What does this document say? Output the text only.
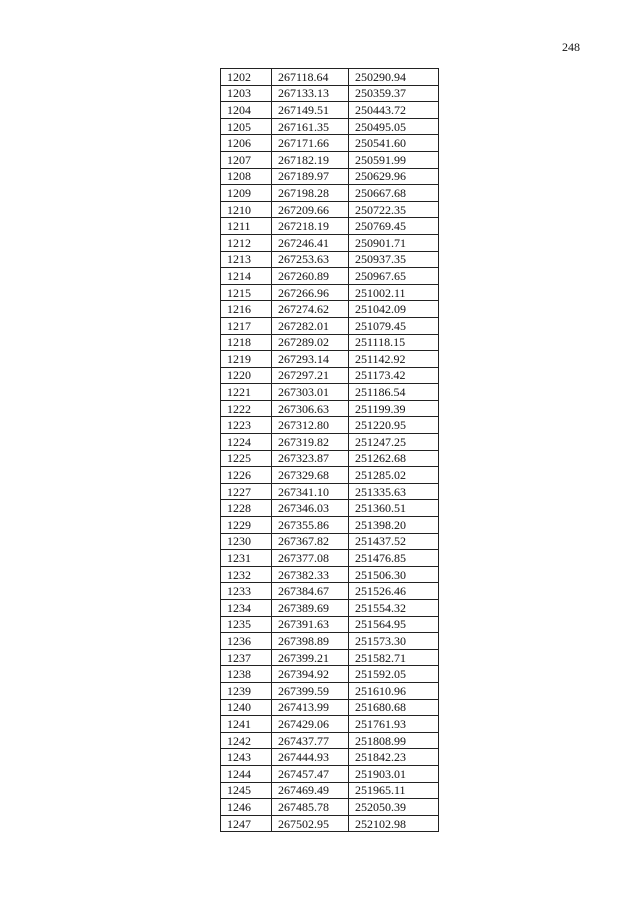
248
1202	267118.64	250290.94
1203	267133.13	250359.37
1204	267149.51	250443.72
1205	267161.35	250495.05
1206	267171.66	250541.60
1207	267182.19	250591.99
1208	267189.97	250629.96
1209	267198.28	250667.68
1210	267209.66	250722.35
1211	267218.19	250769.45
1212	267246.41	250901.71
1213	267253.63	250937.35
1214	267260.89	250967.65
1215	267266.96	251002.11
1216	267274.62	251042.09
1217	267282.01	251079.45
1218	267289.02	251118.15
1219	267293.14	251142.92
1220	267297.21	251173.42
1221	267303.01	251186.54
1222	267306.63	251199.39
1223	267312.80	251220.95
1224	267319.82	251247.25
1225	267323.87	251262.68
1226	267329.68	251285.02
1227	267341.10	251335.63
1228	267346.03	251360.51
1229	267355.86	251398.20
1230	267367.82	251437.52
1231	267377.08	251476.85
1232	267382.33	251506.30
1233	267384.67	251526.46
1234	267389.69	251554.32
1235	267391.63	251564.95
1236	267398.89	251573.30
1237	267399.21	251582.71
1238	267394.92	251592.05
1239	267399.59	251610.96
1240	267413.99	251680.68
1241	267429.06	251761.93
1242	267437.77	251808.99
1243	267444.93	251842.23
1244	267457.47	251903.01
1245	267469.49	251965.11
1246	267485.78	252050.39
1247	267502.95	252102.98
